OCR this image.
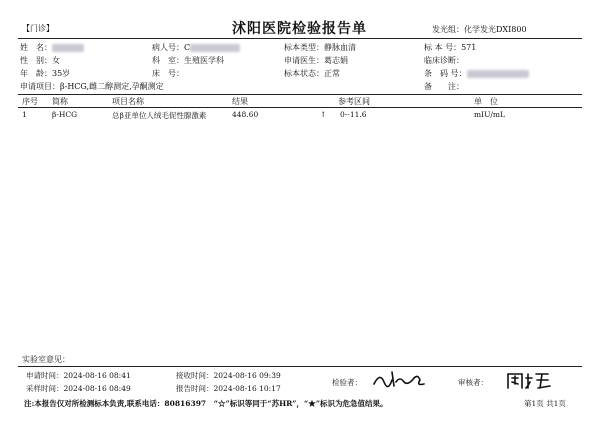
【门诊】	沭阳医院检验报告单	发光组：化学发光DXI800
姓　名：	病人号：C	标本类型：静脉血清	标 本 号：571
性　别：女	科　室：生殖医学科	申请医生：葛志娟	临床诊断：
年　龄：35岁	床　号：	标本状态：正常	条　码 号：
申请项目：β-HCG,雌二醇测定,孕酮测定	备　　注：
序号 简称	项目名称	结果	参考区间	单　位
1	β-HCG	总β亚单位人绒毛促性腺激素	448.60	↑ 0--11.6	mIU/mL
实验室意见：
申请时间：2024-08-16 08:41	接收时间：2024-08-16 09:39
采样时间：2024-08-16 08:49	报告时间：2024-08-16 10:17
检验者：	审核者：
注:本报告仅对所检测标本负责,联系电话：80816397　“☆”标识等同于“苏HR”，“★”标识为危急值结果。	第1页 共1页
